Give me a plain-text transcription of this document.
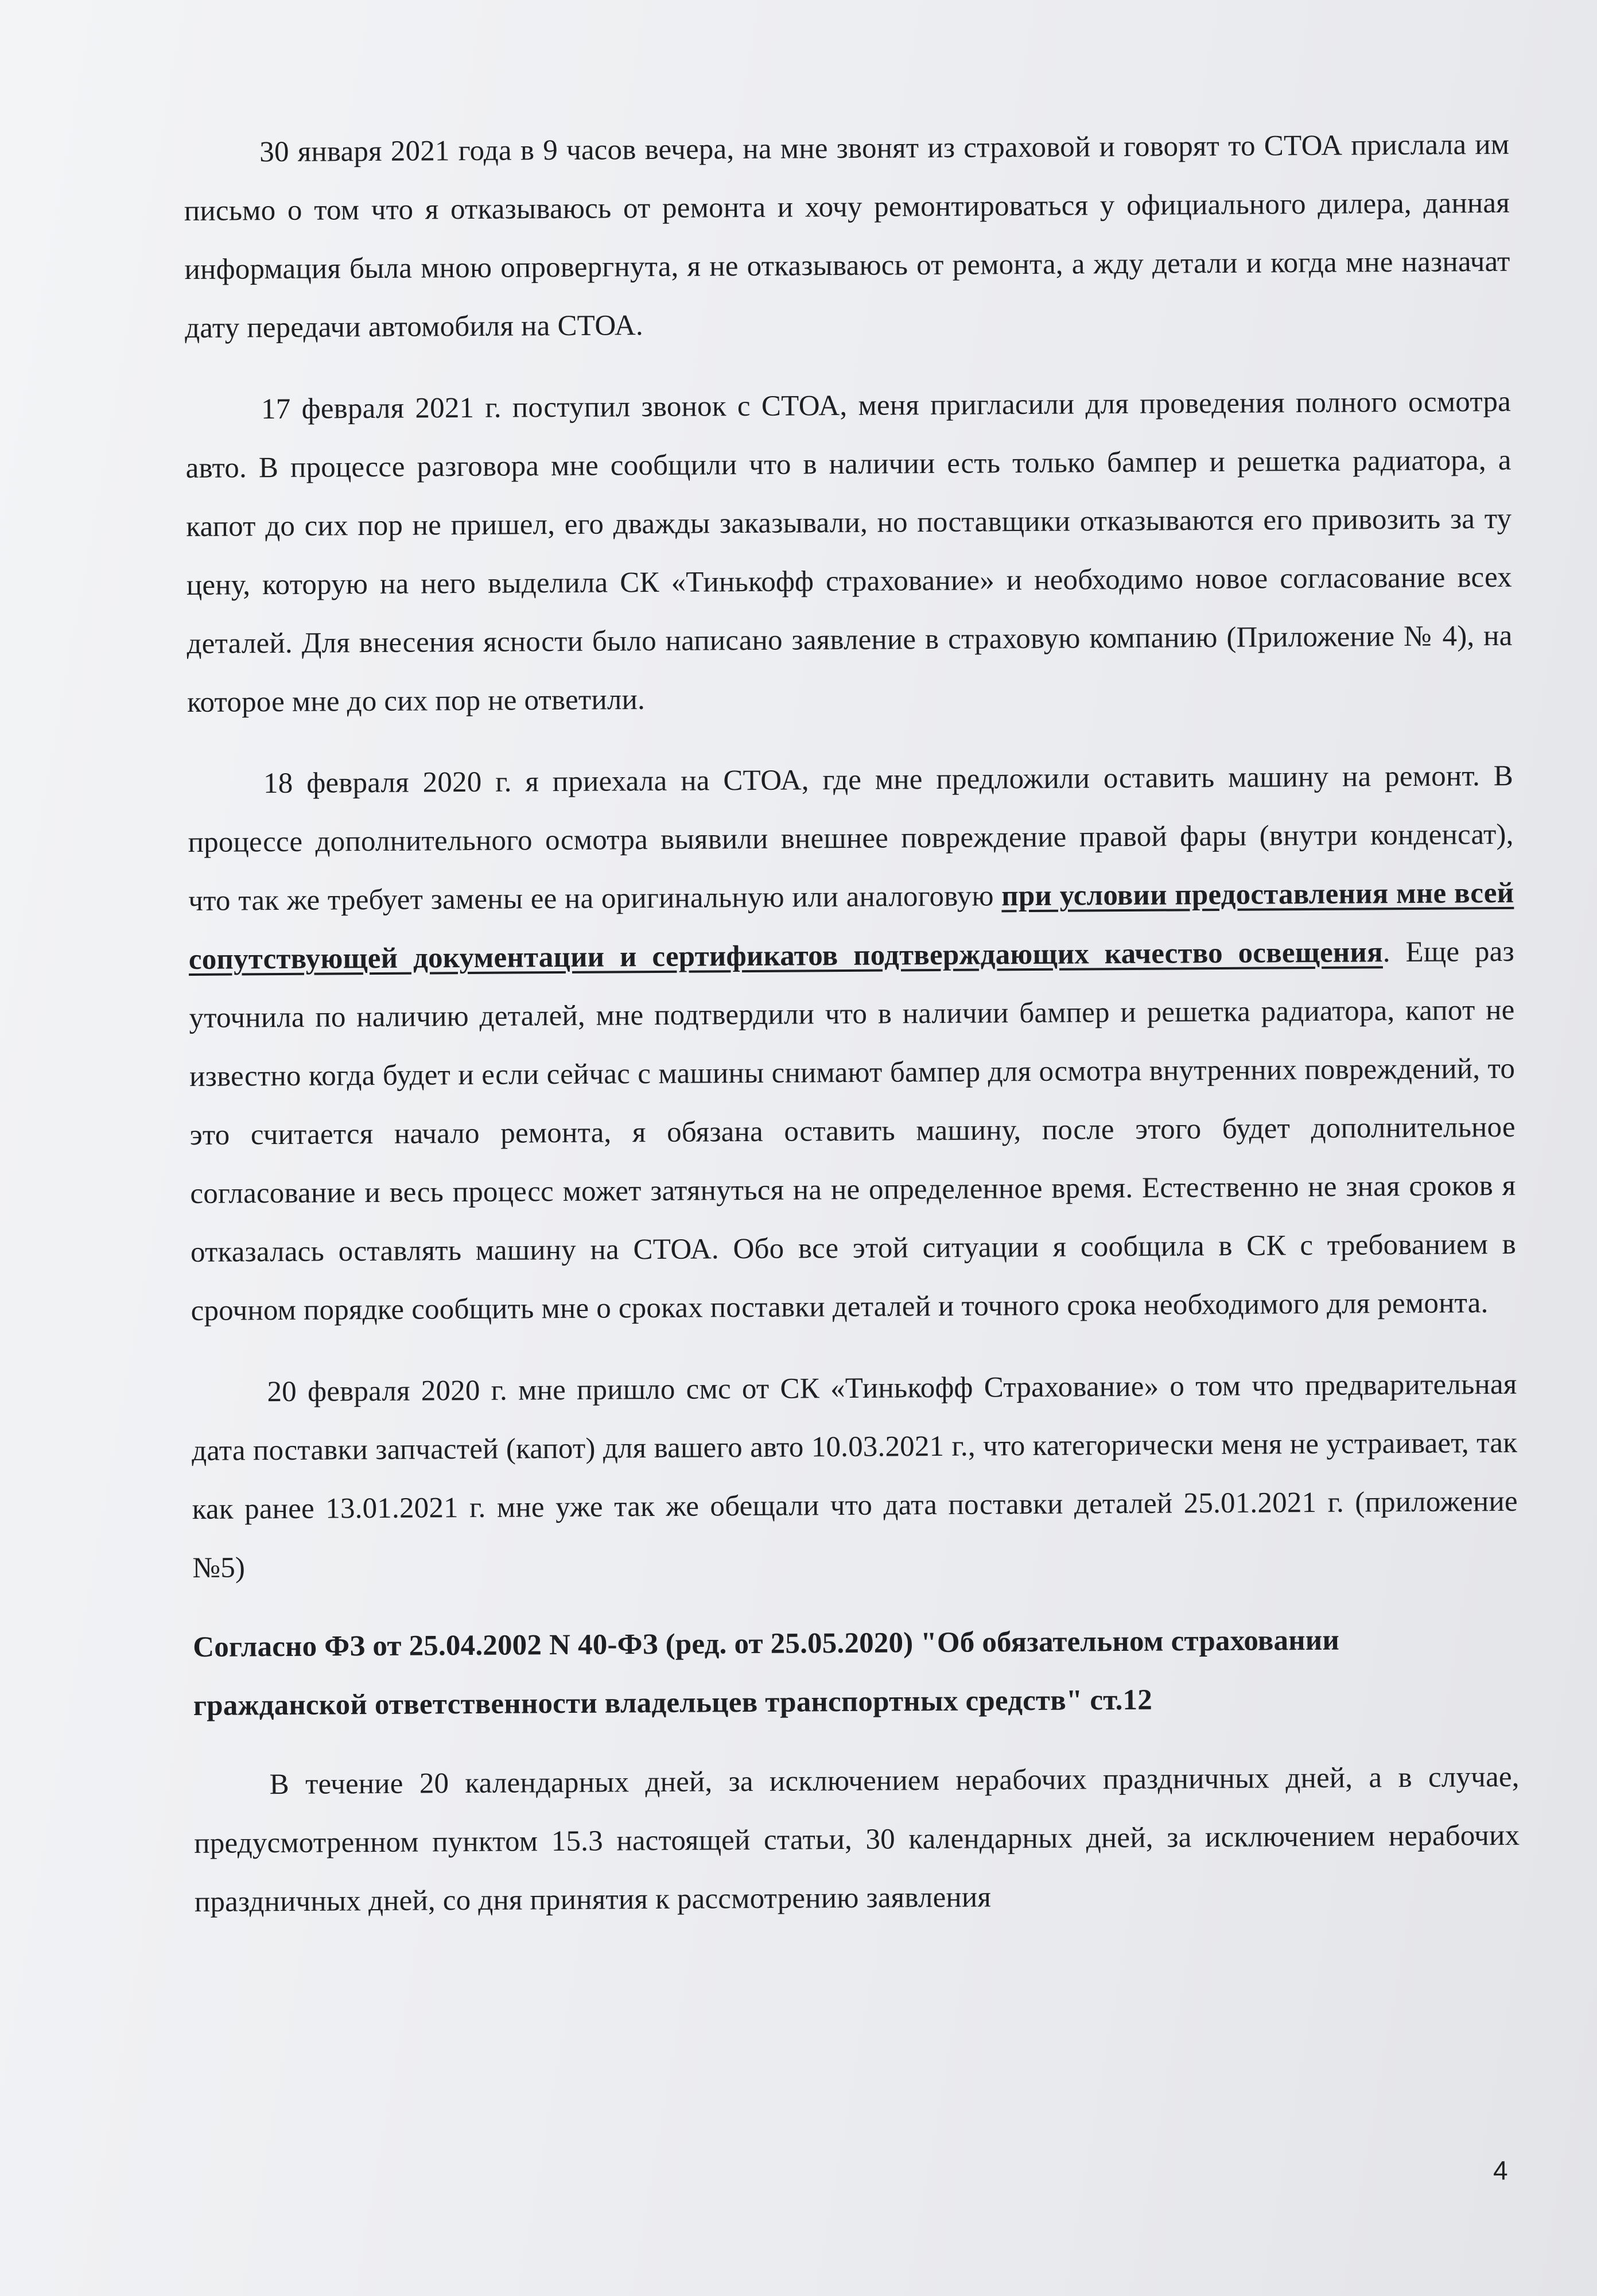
30 января 2021 года в 9 часов вечера, на мне звонят из страховой и говорят то СТОА прислала им письмо о том что я отказываюсь от ремонта и хочу ремонтироваться у официального дилера, данная информация была мною опровергнута, я не отказываюсь от ремонта, а жду детали и когда мне назначат дату передачи автомобиля на СТОА.

17 февраля 2021 г. поступил звонок с СТОА, меня пригласили для проведения полного осмотра авто. В процессе разговора мне сообщили что в наличии есть только бампер и решетка радиатора, а капот до сих пор не пришел, его дважды заказывали, но поставщики отказываются его привозить за ту цену, которую на него выделила СК «Тинькофф страхование» и необходимо новое согласование всех деталей. Для внесения ясности было написано заявление в страховую компанию (Приложение № 4), на которое мне до сих пор не ответили.

18 февраля 2020 г. я приехала на СТОА, где мне предложили оставить машину на ремонт. В процессе дополнительного осмотра выявили внешнее повреждение правой фары (внутри конденсат), что так же требует замены ее на оригинальную или аналоговую при условии предоставления мне всей сопутствующей документации и сертификатов подтверждающих качество освещения. Еще раз уточнила по наличию деталей, мне подтвердили что в наличии бампер и решетка радиатора, капот не известно когда будет и если сейчас с машины снимают бампер для осмотра внутренних повреждений, то это считается начало ремонта, я обязана оставить машину, после этого будет дополнительное согласование и весь процесс может затянуться на не определенное время. Естественно не зная сроков я отказалась оставлять машину на СТОА. Обо все этой ситуации я сообщила в СК с требованием в срочном порядке сообщить мне о сроках поставки деталей и точного срока необходимого для ремонта.

20 февраля 2020 г. мне пришло смс от СК «Тинькофф Страхование» о том что предварительная дата поставки запчастей (капот) для вашего авто 10.03.2021 г., что категорически меня не устраивает, так как ранее 13.01.2021 г. мне уже так же обещали что дата поставки деталей 25.01.2021 г. (приложение №5)

Согласно ФЗ от 25.04.2002 N 40-ФЗ (ред. от 25.05.2020) "Об обязательном страховании гражданской ответственности владельцев транспортных средств" ст.12

В течение 20 календарных дней, за исключением нерабочих праздничных дней, а в случае, предусмотренном пунктом 15.3 настоящей статьи, 30 календарных дней, за исключением нерабочих праздничных дней, со дня принятия к рассмотрению заявления

4
